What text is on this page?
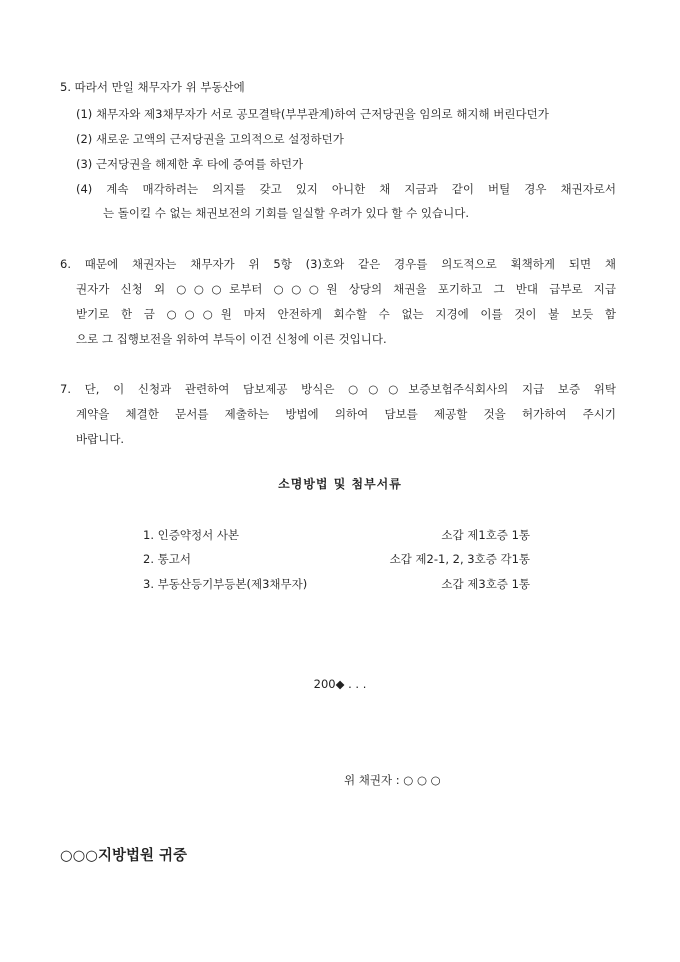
5. 따라서 만일 채무자가 위 부동산에
(1) 채무자와 제3채무자가 서로 공모결탁(부부관계)하여 근저당권을 임의로 해지해 버린다던가
(2) 새로운 고액의 근저당권을 고의적으로 설정하던가
(3) 근저당권을 해제한 후 타에 증여를 하던가
(4) 계속 매각하려는 의지를 갖고 있지 아니한 채 지금과 같이 버틸 경우 채권자로서
는 돌이킬 수 없는 채권보전의 기회를 일실할 우려가 있다 할 수 있습니다.
6. 때문에 채권자는 채무자가 위 5항 (3)호와 같은 경우를 의도적으로 획책하게 되면 채
권자가 신청 외 ○○○로부터 ○○○원 상당의 채권을 포기하고 그 반대 급부로 지급
받기로 한 금 ○○○원 마저 안전하게 회수할 수 없는 지경에 이를 것이 불 보듯 함
으로 그 집행보전을 위하여 부득이 이건 신청에 이른 것입니다.
7. 단, 이 신청과 관련하여 담보제공 방식은 ○○○보증보험주식회사의 지급 보증 위탁
계약을 체결한 문서를 제출하는 방법에 의하여 담보를 제공할 것을 허가하여 주시기
바랍니다.
소명방법 및 첨부서류
1. 인증약정서 사본	소갑 제1호증 1통
2. 통고서	소갑 제2-1, 2, 3호증 각1통
3. 부동산등기부등본(제3채무자)	소갑 제3호증 1통
200◆ . . .
위 채권자 : ○ ○ ○
○○○지방법원 귀중
